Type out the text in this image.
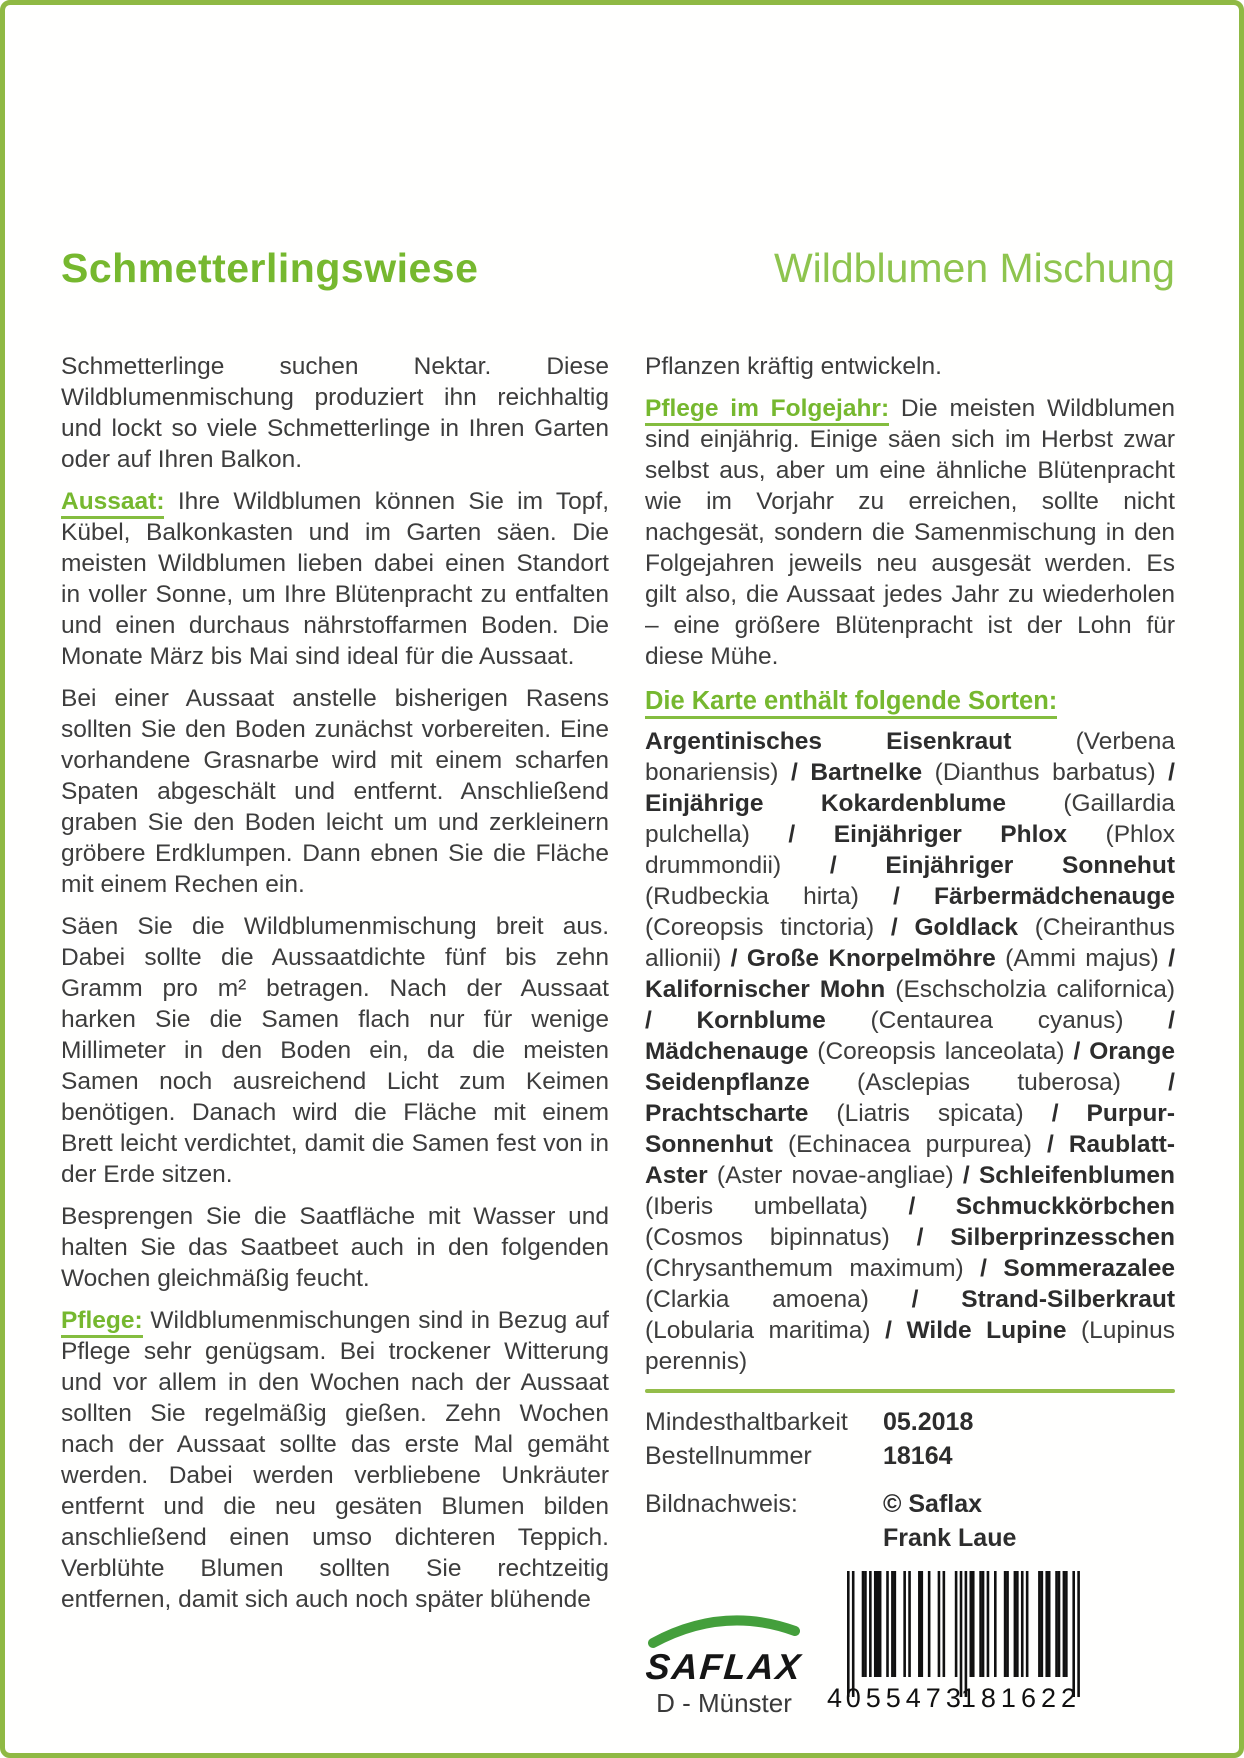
Schmetterlingswiese	Wildblumen Mischung

Schmetterlinge suchen Nektar. Diese Wildblumenmischung produziert ihn reichhaltig und lockt so viele Schmetterlinge in Ihren Garten oder auf Ihren Balkon.

Aussaat: Ihre Wildblumen können Sie im Topf, Kübel, Balkonkasten und im Garten säen. Die meisten Wildblumen lieben dabei einen Standort in voller Sonne, um Ihre Blütenpracht zu entfalten und einen durchaus nährstoffarmen Boden. Die Monate März bis Mai sind ideal für die Aussaat.

Bei einer Aussaat anstelle bisherigen Rasens sollten Sie den Boden zunächst vorbereiten. Eine vorhandene Grasnarbe wird mit einem scharfen Spaten abgeschält und entfernt. Anschließend graben Sie den Boden leicht um und zerkleinern gröbere Erdklumpen. Dann ebnen Sie die Fläche mit einem Rechen ein.

Säen Sie die Wildblumenmischung breit aus. Dabei sollte die Aussaatdichte fünf bis zehn Gramm pro m² betragen. Nach der Aussaat harken Sie die Samen flach nur für wenige Millimeter in den Boden ein, da die meisten Samen noch ausreichend Licht zum Keimen benötigen. Danach wird die Fläche mit einem Brett leicht verdichtet, damit die Samen fest von in der Erde sitzen.

Besprengen Sie die Saatfläche mit Wasser und halten Sie das Saatbeet auch in den folgenden Wochen gleichmäßig feucht.

Pflege: Wildblumenmischungen sind in Bezug auf Pflege sehr genügsam. Bei trockener Witterung und vor allem in den Wochen nach der Aussaat sollten Sie regelmäßig gießen. Zehn Wochen nach der Aussaat sollte das erste Mal gemäht werden. Dabei werden verbliebene Unkräuter entfernt und die neu gesäten Blumen bilden anschließend einen umso dichteren Teppich. Verblühte Blumen sollten Sie rechtzeitig entfernen, damit sich auch noch später blühende

Pflanzen kräftig entwickeln.

Pflege im Folgejahr: Die meisten Wildblumen sind einjährig. Einige säen sich im Herbst zwar selbst aus, aber um eine ähnliche Blütenpracht wie im Vorjahr zu erreichen, sollte nicht nachgesät, sondern die Samenmischung in den Folgejahren jeweils neu ausgesät werden. Es gilt also, die Aussaat jedes Jahr zu wiederholen – eine größere Blütenpracht ist der Lohn für diese Mühe.

Die Karte enthält folgende Sorten:

Argentinisches Eisenkraut (Verbena bonariensis) / Bartnelke (Dianthus barbatus) / Einjährige Kokardenblume (Gaillardia pulchella) / Einjähriger Phlox (Phlox drummondii) / Einjähriger Sonnehut (Rudbeckia hirta) / Färbermädchenauge (Coreopsis tinctoria) / Goldlack (Cheiranthus allionii) / Große Knorpelmöhre (Ammi majus) / Kalifornischer Mohn (Eschscholzia californica) / Kornblume (Centaurea cyanus) / Mädchenauge (Coreopsis lanceolata) / Orange Seidenpflanze (Asclepias tuberosa) / Prachtscharte (Liatris spicata) / Purpur-Sonnenhut (Echinacea purpurea) / Raublatt-Aster (Aster novae-angliae) / Schleifenblumen (Iberis umbellata) / Schmuckkörbchen (Cosmos bipinnatus) / Silberprinzesschen (Chrysanthemum maximum) / Sommerazalee (Clarkia amoena) / Strand-Silberkraut (Lobularia maritima) / Wilde Lupine (Lupinus perennis)

Mindesthaltbarkeit	05.2018
Bestellnummer	18164
Bildnachweis:	© Saflax
Frank Laue
SAFLAX
D - Münster	4
055473
181622
